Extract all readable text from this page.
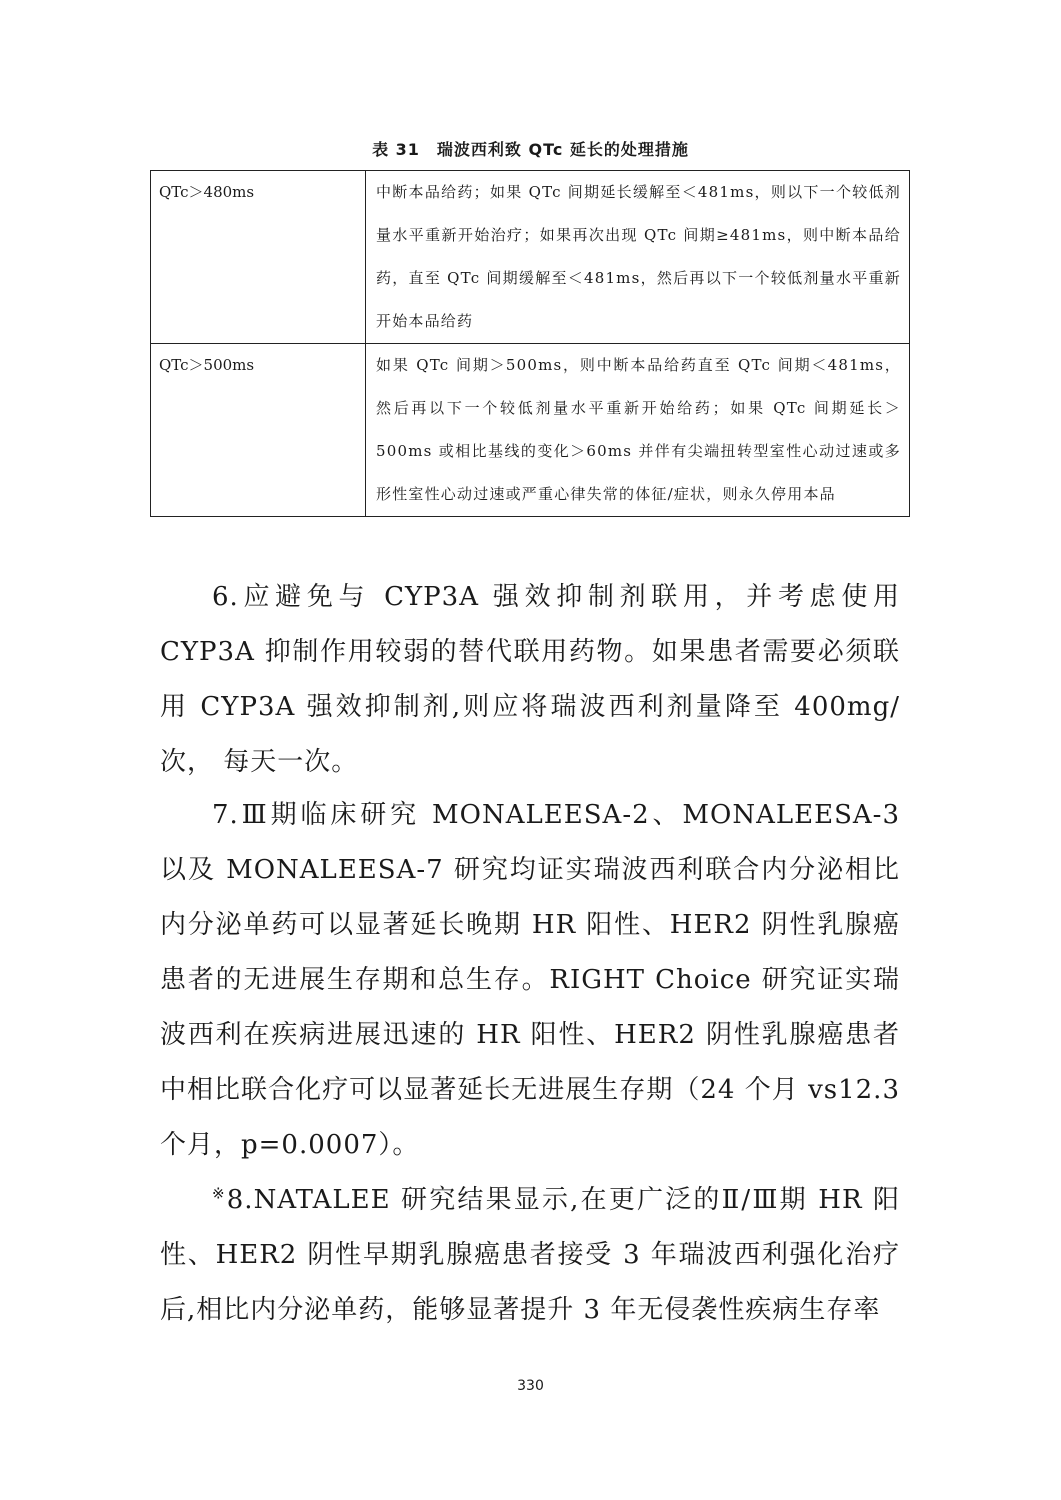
表 31　瑞波西利致 QTc 延长的处理措施
QTc＞480ms	中断本品给药；如果 QTc 间期延长缓解至＜481ms，则以下一个较低剂量水平重新开始治疗；如果再次出现 QTc 间期≥481ms，则中断本品给药，直至 QTc 间期缓解至＜481ms，然后再以下一个较低剂量水平重新开始本品给药
QTc＞500ms	如果 QTc 间期＞500ms，则中断本品给药直至 QTc 间期＜481ms，然后再以下一个较低剂量水平重新开始给药；如果 QTc 间期延长＞500ms 或相比基线的变化＞60ms 并伴有尖端扭转型室性心动过速或多形性室性心动过速或严重心律失常的体征/症状，则永久停用本品

6.应避免与 CYP3A 强效抑制剂联用，并考虑使用 CYP3A 抑制作用较弱的替代联用药物。如果患者需要必须联用 CYP3A 强效抑制剂,则应将瑞波西利剂量降至 400mg/次， 每天一次。

7.Ⅲ期临床研究 MONALEESA-2、MONALEESA-3 以及 MONALEESA-7 研究均证实瑞波西利联合内分泌相比内分泌单药可以显著延长晚期 HR 阳性、HER2 阴性乳腺癌患者的无进展生存期和总生存。RIGHT Choice 研究证实瑞波西利在疾病进展迅速的 HR 阳性、HER2 阴性乳腺癌患者中相比联合化疗可以显著延长无进展生存期（24 个月 vs12.3 个月，p=0.0007）。

※8.NATALEE 研究结果显示,在更广泛的Ⅱ/Ⅲ期 HR 阳性、HER2 阴性早期乳腺癌患者接受 3 年瑞波西利强化治疗后,相比内分泌单药，能够显著提升 3 年无侵袭性疾病生存率

330
